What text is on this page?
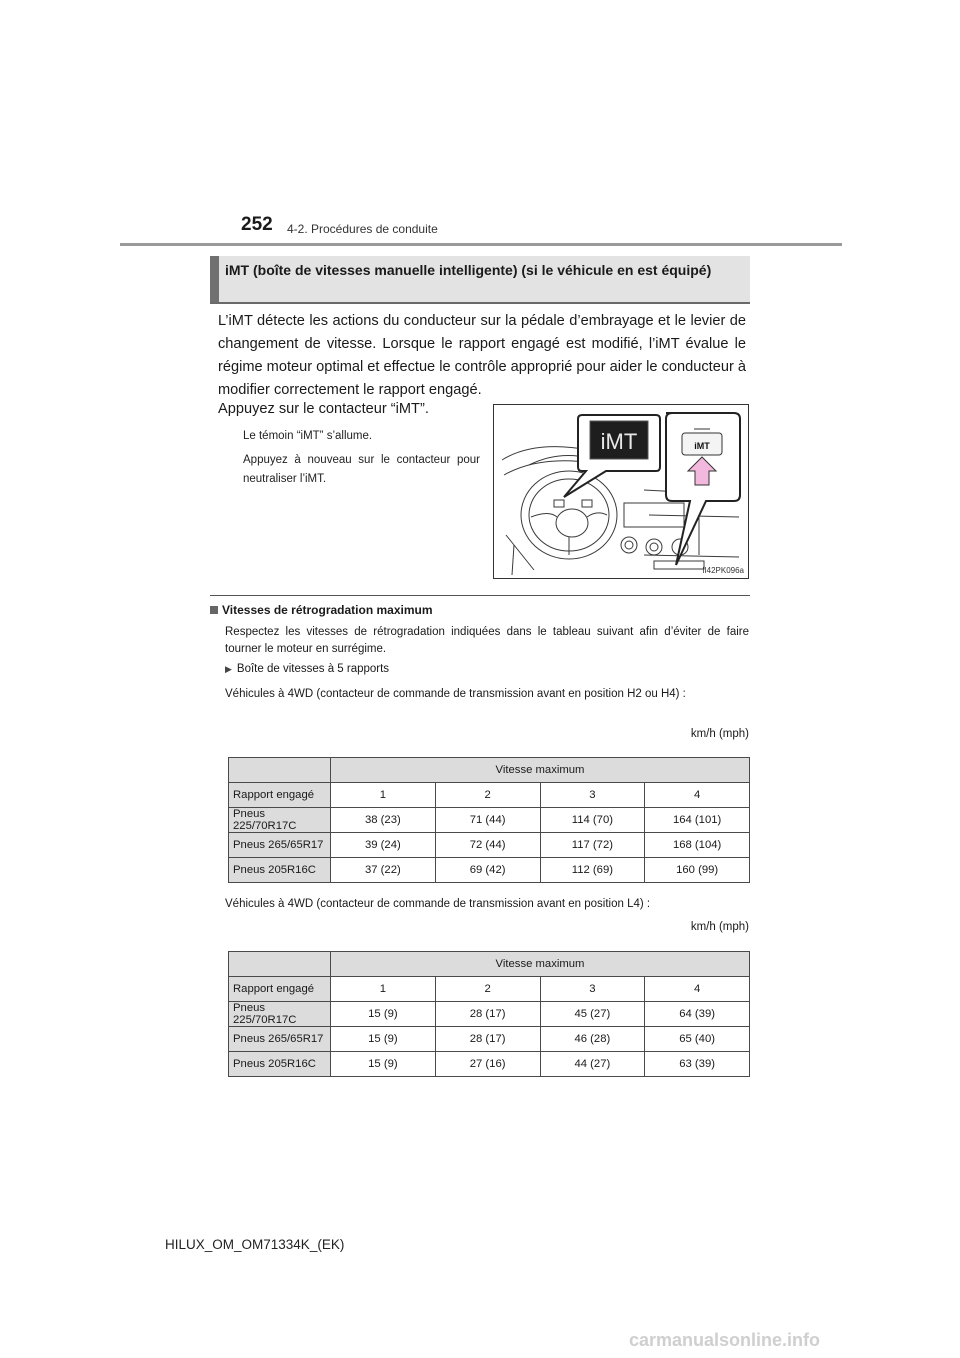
252 4-2. Procédures de conduite
iMT (boîte de vitesses manuelle intelligente) (si le véhicule en est équipé)
L’iMT détecte les actions du conducteur sur la pédale d’embrayage et le levier de changement de vitesse. Lorsque le rapport engagé est modifié, l’iMT évalue le régime moteur optimal et effectue le contrôle approprié pour aider le conducteur à modifier correctement le rapport engagé.
Appuyez sur le contacteur “iMT”.
Le témoin “iMT” s’allume.
Appuyez à nouveau sur le contacteur pour neutraliser l’iMT.
iMT	iMT
II42PK096a
Vitesses de rétrogradation maximum
Respectez les vitesses de rétrogradation indiquées dans le tableau suivant afin d’éviter de faire tourner le moteur en surrégime.
▶ Boîte de vitesses à 5 rapports
Véhicules à 4WD (contacteur de commande de transmission avant en position H2 ou H4) :
km/h (mph)
	Vitesse maximum			
Rapport engagé	1	2	3	4
Pneus 225/70R17C	38 (23)	71 (44)	114 (70)	164 (101)
Pneus 265/65R17	39 (24)	72 (44)	117 (72)	168 (104)
Pneus 205R16C	37 (22)	69 (42)	112 (69)	160 (99)
Véhicules à 4WD (contacteur de commande de transmission avant en position L4) :
km/h (mph)
	Vitesse maximum			
Rapport engagé	1	2	3	4
Pneus 225/70R17C	15 (9)	28 (17)	45 (27)	64 (39)
Pneus 265/65R17	15 (9)	28 (17)	46 (28)	65 (40)
Pneus 205R16C	15 (9)	27 (16)	44 (27)	63 (39)
HILUX_OM_OM71334K_(EK)
carmanualsonline.info
